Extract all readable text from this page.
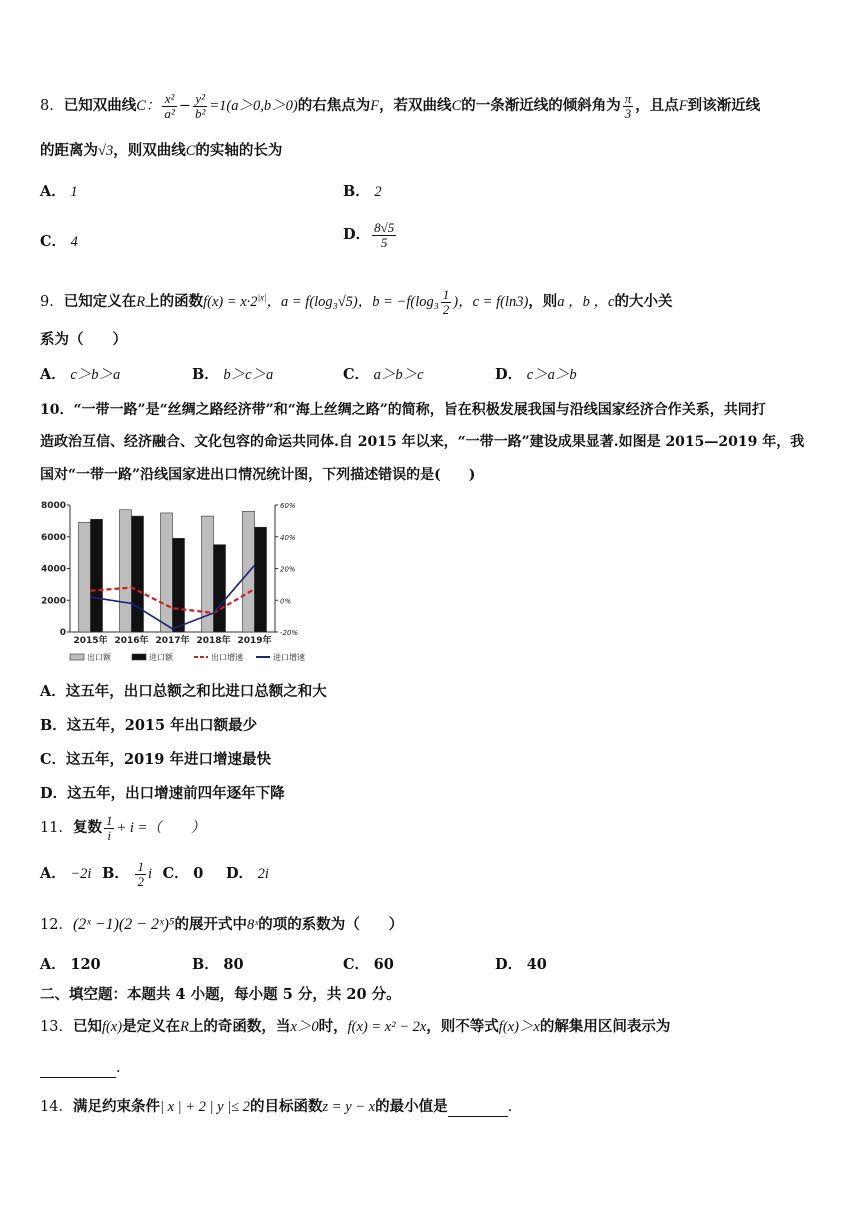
8．已知双曲线C： $\frac{\text{x²}}{\text{a²}} - \frac{\text{y²}}{\text{b²}} =1(a>0,b>0)$的右焦点为F，若双曲线C的一条渐近线的倾斜角为 $\frac{\pi}{3}$ ，且点F到该渐近线
的距离为√3，则双曲线C的实轴的长为
A． 1	B． 2
C． 4	D． $\frac{8√5}{5}$
9．已知定义在R上的函数$f(x) = x\cdot 2^{|x|}$，a = f(log₃√5)，$b = -f(\log_3 \frac{1}{2}$ )，c = f(ln3)，则a ，b ，c的大小关
系为（　　）
A． c＞b＞a	B． b＞c＞a	C． a＞b＞c	D． c＞a＞b
10．“一带一路”是“丝绸之路经济带”和“海上丝绸之路”的简称，旨在积极发展我国与沿线国家经济合作关系，共同打
造政治互信、经济融合、文化包容的命运共同体.自 2015 年以来，“一带一路”建设成果显著.如图是 2015—2019 年，我
国对“一带一路”沿线国家进出口情况统计图，下列描述错误的是(　　)
0
2000
4000
6000
8000
-20%
0%
20%
40%
60%
2015年 2016年 2017年 2018年 2019年
出口额	进口额	出口增速	进口增速
A．这五年，出口总额之和比进口总额之和大
B．这五年，2015 年出口额最少
C．这五年，2019 年进口增速最快
D．这五年，出口增速前四年逐年下降
11．复数 $\frac{1}{i} + i$ =（　　）
A． −2i B． $\frac{1}{2}$ i C． 0 D． 2i
12．(2ˣ −1)(2 − 2ˣ)⁵的展开式中8ˣ的项的系数为（　　）
A． 120	B． 80	C． 60	D． 40
二、填空题：本题共 4 小题，每小题 5 分，共 20 分。
13．已知f(x)是定义在R上的奇函数，当x＞0时，f(x) = x² − 2x，则不等式f(x)＞x的解集用区间表示为
.
14．满足约束条件| x | + 2 | y |≤ 2的目标函数z = y − x的最小值是	.
